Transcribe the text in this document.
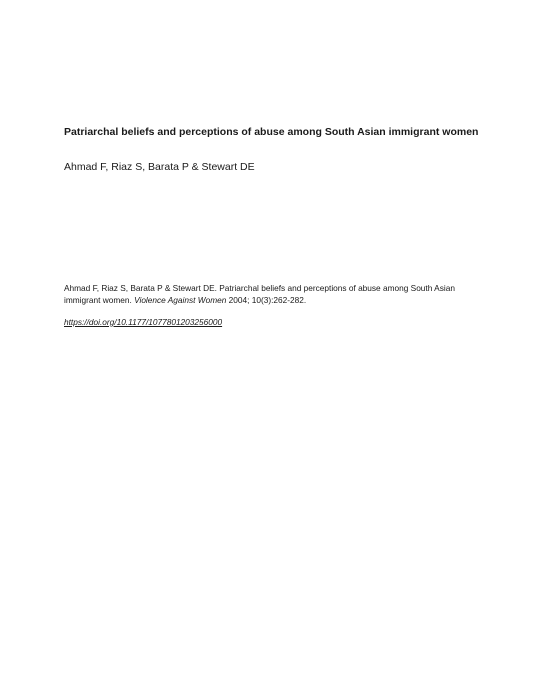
Patriarchal beliefs and perceptions of abuse among South Asian immigrant women

Ahmad F, Riaz S, Barata P & Stewart DE

Ahmad F, Riaz S, Barata P & Stewart DE. Patriarchal beliefs and perceptions of abuse among South Asian immigrant women. Violence Against Women 2004; 10(3):262-282.

https://doi.org/10.1177/1077801203256000
